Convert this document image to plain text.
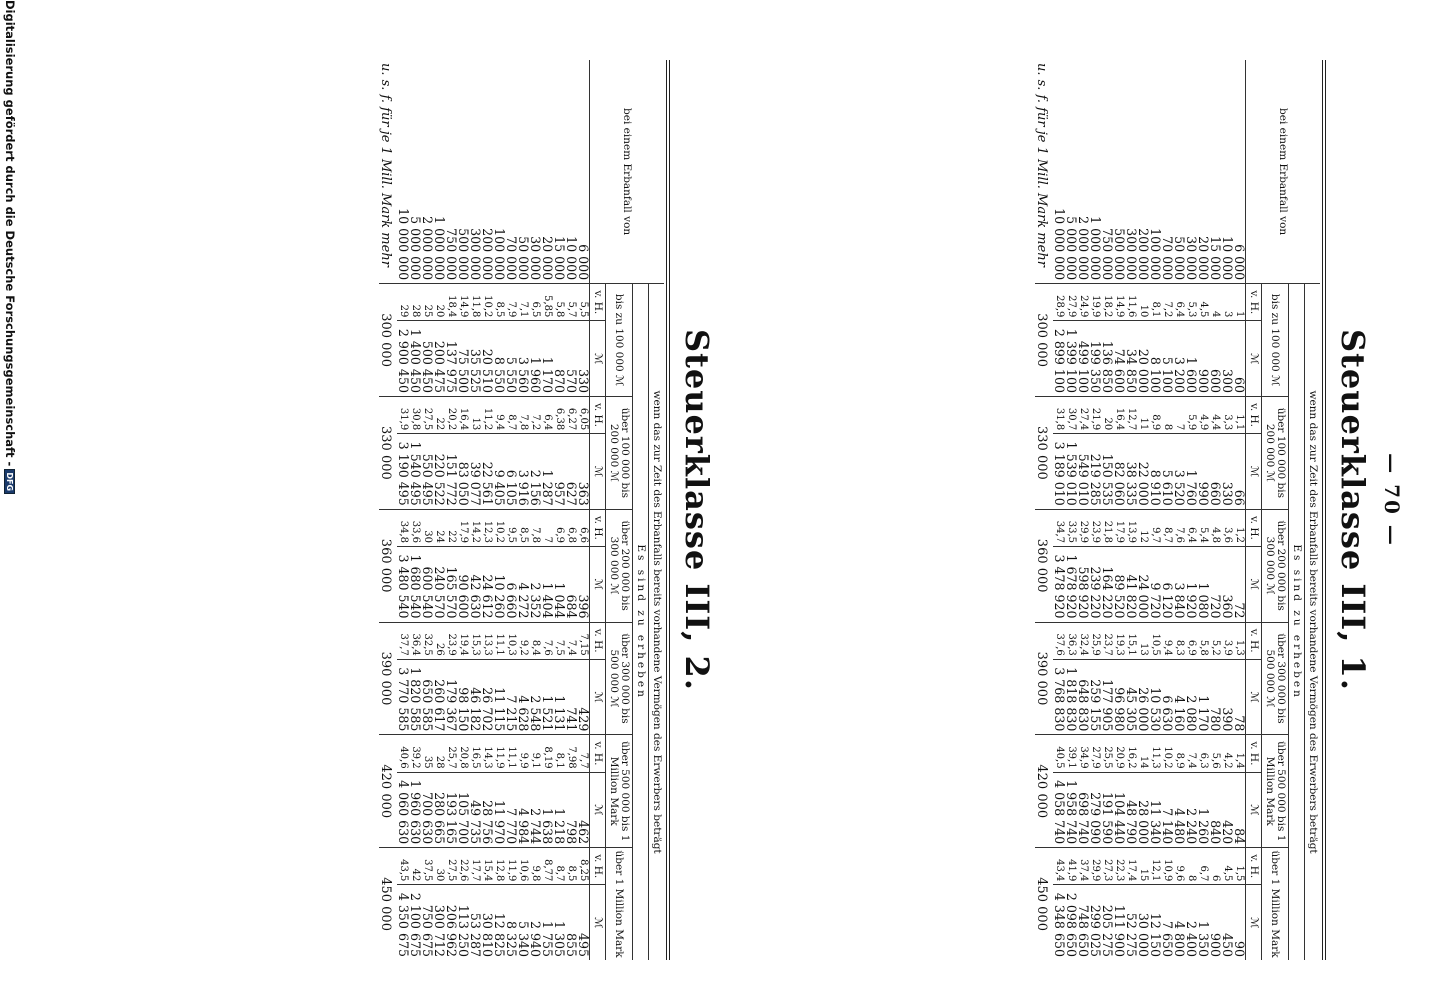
— 70 —
Steuerklasse III, 1.
bei einem Erbanfall von	wenn das zur Zeit des Erbanfalls bereits vorhandene Vermögen des Erwerbers beträgt											
	Es sind zu erheben											
	bis zu 100 000 ℳ		über 100 000 bis 200 000 ℳ		über 200 000 bis 300 000 ℳ		über 300 000 bis 500 000 ℳ		über 500 000 bis 1 Million Mark		über 1 Million Mark	
	v. H.	ℳ	v. H.	ℳ	v. H.	ℳ	v. H.	ℳ	v. H.	ℳ	v. H.	ℳ
6 000	1	60	1,1	66	1,2	72	1,3	78	1,4	84	1,5	90
10 000	3	300	3,3	330	3,6	360	3,9	390	4,2	420	4,5	450
15 000	4	600	4,4	660	4,8	720	5,2	780	5,6	840	6	900
20 000	4,5	900	4,9	990	5,4	1 080	5,8	1 170	6,3	1 260	6,7	1 350
30 000	5,3	1 600	5,9	1 760	6,4	1 920	6,9	2 080	7,4	2 240	8	2 400
50 000	6,4	3 200	7	3 520	7,6	3 840	8,3	4 160	8,9	4 480	9,6	4 800
70 000	7,2	5 100	8	5 610	8,7	6 120	9,4	6 630	10,2	7 140	10,9	7 650
100 000	8,1	8 100	8,9	8 910	9,7	9 720	10,5	10 530	11,3	11 340	12,1	12 150
200 000	10	20 000	11	22 000	12	24 000	13	26 000	14	28 000	15	30 000
300 000	11,6	34 850	12,7	38 335	13,9	41 820	15,1	45 305	16,2	48 790	17,4	52 275
500 000	14,9	74 600	16,4	82 060	17,9	89 520	19,3	96 980	20,9	104 440	22,3	111 900
750 000	18,2	136 850	20	150 535	21,8	164 220	23,7	177 905	25,5	191 590	27,3	205 275
1 000 000	19,9	199 350	21,9	219 285	23,9	239 220	25,9	259 155	27,9	279 090	29,9	299 025
2 000 000	24,9	499 100	27,4	549 010	29,9	598 920	32,4	648 830	34,9	698 740	37,4	748 650
5 000 000	27,9	1 399 100	30,7	1 539 010	33,5	1 678 920	36,3	1 818 830	39,1	1 958 740	41,9	2 098 650
10 000 000	28,9	2 899 100	31,8	3 189 010	34,7	3 478 920	37,6	3 768 830	40,5	4 058 740	43,4	4 348 650
u. s. f. für je 1 Mill. Mark mehr	300 000		330 000		360 000		390 000		420 000		450 000	
Steuerklasse III, 2.
bei einem Erbanfall von	wenn das zur Zeit des Erbanfalls bereits vorhandene Vermögen des Erwerbers beträgt											
	Es sind zu erheben											
	bis zu 100 000 ℳ		über 100 000 bis 200 000 ℳ		über 200 000 bis 300 000 ℳ		über 300 000 bis 500 000 ℳ		über 500 000 bis 1 Million Mark		über 1 Million Mark	
	v. H.	ℳ	v. H.	ℳ	v. H.	ℳ	v. H.	ℳ	v. H.	ℳ	v. H.	ℳ
6 000	5,5	330	6,05	363	6,6	396	7,15	429	7,7	462	8,25	495
10 000	5,7	570	6,27	627	6,8	684	7,4	741	7,98	798	8,5	855
15 000	5,8	870	6,38	957	6,9	1 044	7,5	1 131	8,1	1 218	8,7	1 305
20 000	5,85	1 170	6,4	1 287	7	1 404	7,6	1 521	8,19	1 638	8,77	1 755
30 000	6,5	1 960	7,2	2 156	7,8	2 352	8,4	2 548	9,1	2 744	9,8	2 940
50 000	7,1	3 560	7,8	3 916	8,5	4 272	9,2	4 628	9,9	4 984	10,6	5 340
70 000	7,9	5 550	8,7	6 105	9,5	6 660	10,3	7 215	11,1	7 770	11,9	8 325
100 000	8,5	8 550	9,4	9 405	10,2	10 260	11,1	11 115	11,9	11 970	12,8	12 825
200 000	10,2	20 510	11,2	22 561	12,3	24 612	13,3	26 702	14,3	28 756	15,4	30 810
300 000	11,8	35 525	13	39 077	14,2	42 630	15,3	46 182	16,5	49 735	17,7	53 287
500 000	14,9	75 500	16,4	83 050	17,9	90 600	19,4	98 150	20,8	105 700	22,6	113 250
750 000	18,4	137 975	20,2	151 772	22	165 570	23,9	179 367	25,7	193 165	27,5	206 962
1 000 000	20	200 475	22	220 522	24	240 570	26	260 617	28	280 665	30	300 712
2 000 000	25	500 450	27,5	550 495	30	600 540	32,5	650 585	35	700 630	37,5	750 675
5 000 000	28	1 400 450	30,8	1 540 495	33,6	1 680 540	36,4	1 820 585	39,2	1 960 630	42	2 100 675
10 000 000	29	2 900 450	31,9	3 190 495	34,8	3 480 540	37,7	3 770 585	40,6	4 060 630	43,5	4 350 675
u. s. f. für je 1 Mill. Mark mehr	300 000		330 000		360 000		390 000		420 000		450 000	
Digitalisierung gefördert durch die Deutsche Forschungsgemeinschaft -DFG
